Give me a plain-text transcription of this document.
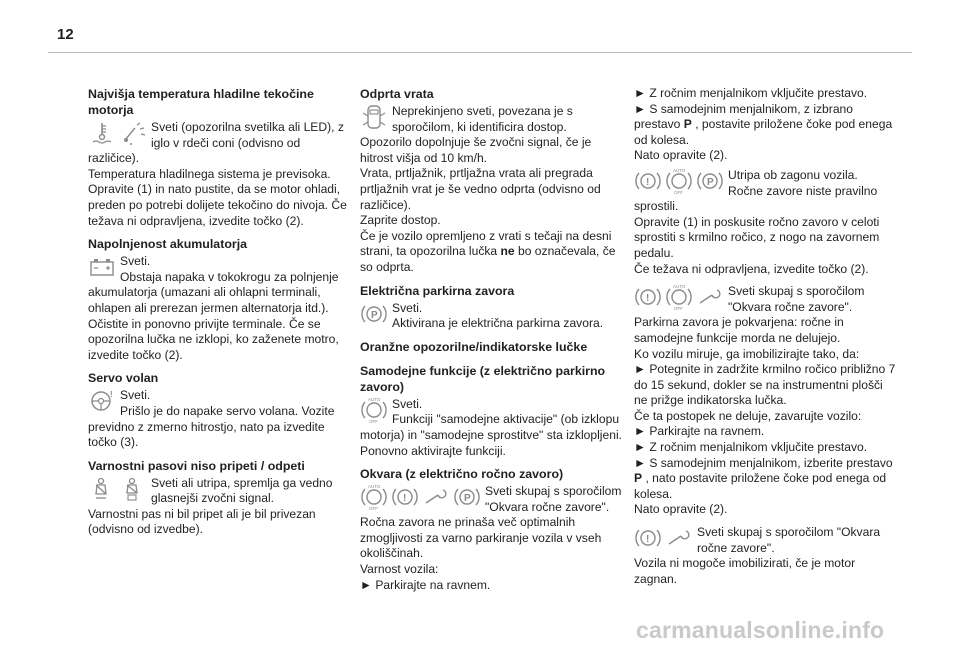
12
Najvišja temperatura hladilne tekočine motorja

Sveti (opozorilna svetilka ali LED), z iglo v rdeči coni (odvisno od različice).

Temperatura hladilnega sistema je previsoka. Opravite (1) in nato pustite, da se motor ohladi, preden po potrebi dolijete tekočino do nivoja. Če težava ni odpravljena, izvedite točko (2).

Napolnjenost akumulatorja

Sveti.

Obstaja napaka v tokokrogu za polnjenje akumulatorja (umazani ali ohlapni terminali, ohlapen ali prerezan jermen alternatorja itd.). Očistite in ponovno privijte terminale. Če se opozorilna lučka ne izklopi, ko zaženete motro, izvedite točko (2).

Servo volan
! Sveti.

Prišlo je do napake servo volana. Vozite previdno z zmerno hitrostjo, nato pa izvedite točko (3).

Varnostni pasovi niso pripeti / odpeti

Sveti ali utripa, spremlja ga vedno glasnejši zvočni signal.

Varnostni pas ni bil pripet ali je bil privezan (odvisno od izvedbe).

Odprta vrata

Neprekinjeno sveti, povezana je s sporočilom, ki identificira dostop.

Opozorilo dopolnjuje še zvočni signal, če je hitrost višja od 10 km/h.
Vrata, prtljažnik, prtljažna vrata ali pregrada prtljažnih vrat je še vedno odprta (odvisno od različice).
Zaprite dostop.

Če je vozilo opremljeno z vrati s tečaji na desni strani, ta opozorilna lučka ne bo označevala, če so odprta.

Električna parkirna zavora
P

Sveti.

Aktivirana je električna parkirna zavora.

Oranžne opozorilne/indikatorske lučke
Samodejne funkcije (z električno parkirno zavoro)
AUTO
OFF

Sveti.

Funkciji "samodejne aktivacije" (ob izklopu motorja) in "samodejne sprostitve" sta izklopljeni.
Ponovno aktivirajte funkciji.

Okvara (z električno ročno zavoro)
AUTO
OFF
!	P

Sveti skupaj s sporočilom "Okvara ročne zavore".

Ročna zavora ne prinaša več optimalnih zmogljivosti za varno parkiranje vozila v vseh okoliščinah.
Varnost vozila:

► Parkirajte na ravnem.

► Z ročnim menjalnikom vključite prestavo.

► S samodejnim menjalnikom, z izbrano prestavo P , postavite priložene čoke pod enega od kolesa.

Nato opravite (2).

!
AUTO
OFF
P

Utripa ob zagonu vozila. Ročne zavore niste pravilno sprostili.

Opravite (1) in poskusite ročno zavoro v celoti sprostiti s krmilno ročico, z nogo na zavornem pedalu.
Če težava ni odpravljena, izvedite točko (2).

!
AUTO
OFF

Sveti skupaj s sporočilom "Okvara ročne zavore".

Parkirna zavora je pokvarjena: ročne in samodejne funkcije morda ne delujejo.
Ko vozilu miruje, ga imobilizirajte tako, da:

► Potegnite in zadržite krmilno ročico približno 7 do 15 sekund, dokler se na instrumentni plošči ne prižge indikatorska lučka.

Če ta postopek ne deluje, zavarujte vozilo:

► Parkirajte na ravnem.

► Z ročnim menjalnikom vključite prestavo.

► S samodejnim menjalnikom, izberite prestavo P , nato postavite priložene čoke pod enega od kolesa.

Nato opravite (2).

!

Sveti skupaj s sporočilom "Okvara ročne zavore".

Vozila ni mogoče imobilizirati, če je motor zagnan.

carmanualsonline.info
